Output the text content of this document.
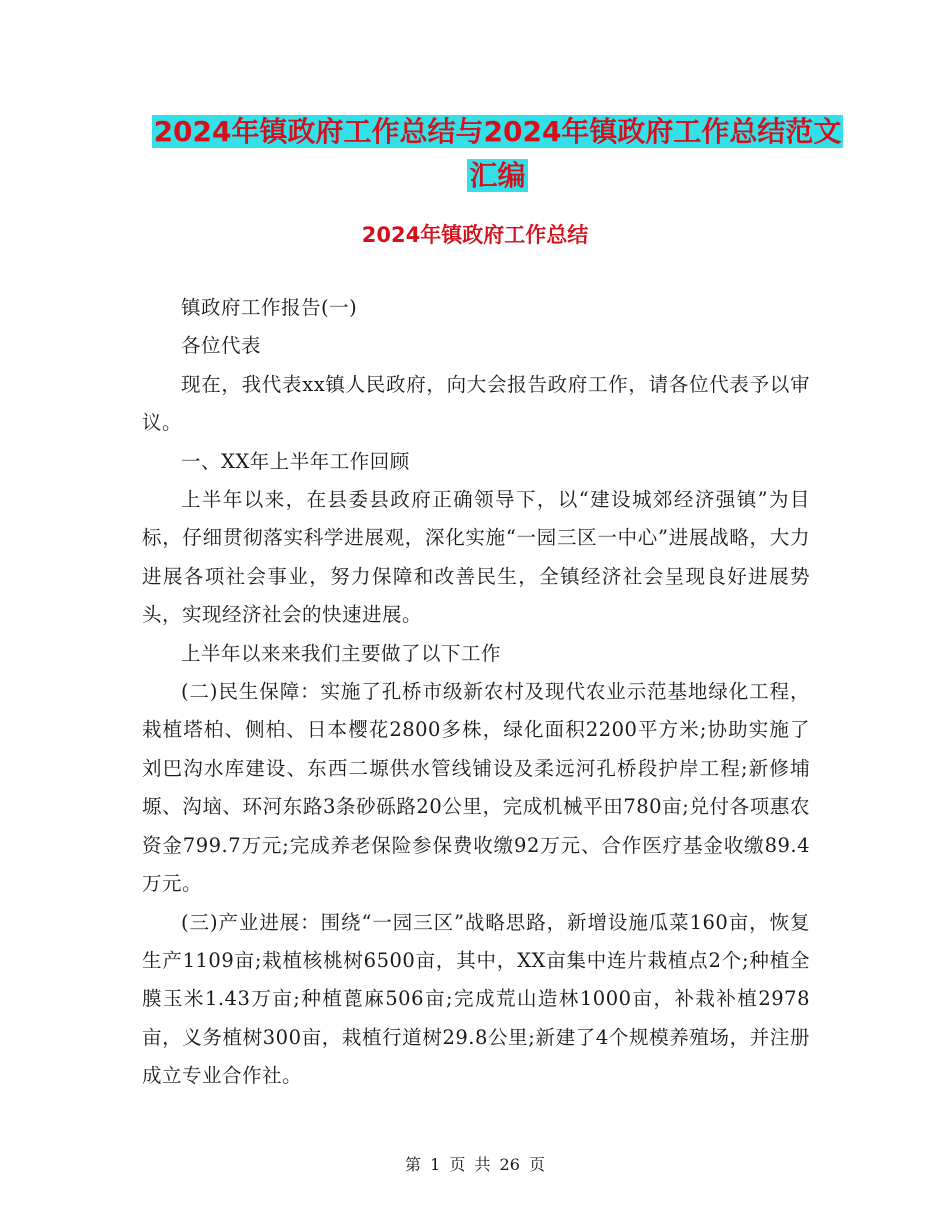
2024年镇政府工作总结与2024年镇政府工作总结范文
汇编
2024年镇政府工作总结

镇政府工作报告(一)

各位代表

现在，我代表xx镇人民政府，向大会报告政府工作，请各位代表予以审议。

一、XX年上半年工作回顾

上半年以来，在县委县政府正确领导下，以“建设城郊经济强镇”为目标，仔细贯彻落实科学进展观，深化实施“一园三区一中心”进展战略，大力进展各项社会事业，努力保障和改善民生，全镇经济社会呈现良好进展势头，实现经济社会的快速进展。

上半年以来来我们主要做了以下工作

(二)民生保障：实施了孔桥市级新农村及现代农业示范基地绿化工程，栽植塔柏、侧柏、日本樱花2800多株，绿化面积2200平方米;协助实施了刘巴沟水库建设、东西二塬供水管线铺设及柔远河孔桥段护岸工程;新修埔塬、沟垴、环河东路3条砂砾路20公里，完成机械平田780亩;兑付各项惠农资金799.7万元;完成养老保险参保费收缴92万元、合作医疗基金收缴89.4万元。

(三)产业进展：围绕“一园三区”战略思路，新增设施瓜菜160亩，恢复生产1109亩;栽植核桃树6500亩，其中，XX亩集中连片栽植点2个;种植全膜玉米1.43万亩;种植蓖麻506亩;完成荒山造林1000亩，补栽补植2978亩，义务植树300亩，栽植行道树29.8公里;新建了4个规模养殖场，并注册成立专业合作社。

第 1 页 共 26 页
